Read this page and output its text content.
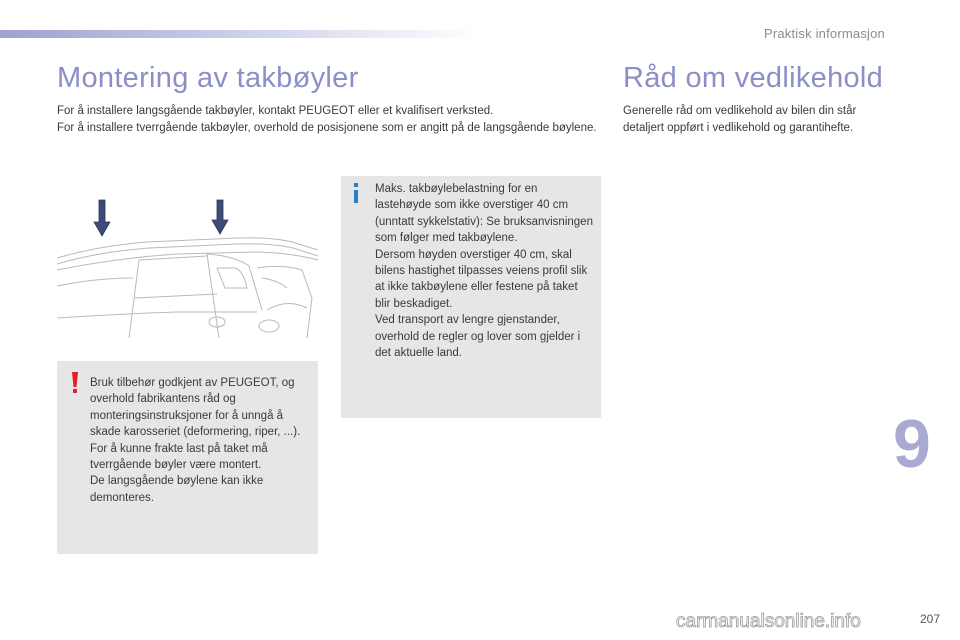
Praktisk informasjon
Montering av takbøyler

For å installere langsgående takbøyler, kontakt PEUGEOT eller et kvalifisert verksted.

For å installere tverrgående takbøyler, overhold de posisjonene som er angitt på de langsgående bøylene.

Råd om vedlikehold
Generelle råd om vedlikehold av bilen din står detaljert oppført i vedlikehold og garantihefte.
Maks. takbøylebelastning for en lastehøyde som ikke overstiger 40 cm (unntatt sykkelstativ): Se bruksanvisningen som følger med takbøylene.
Dersom høyden overstiger 40 cm, skal bilens hastighet tilpasses veiens profil slik at ikke takbøylene eller festene på taket blir beskadiget.
Ved transport av lengre gjenstander, overhold de regler og lover som gjelder i det aktuelle land.
Bruk tilbehør godkjent av PEUGEOT, og overhold fabrikantens råd og monteringsinstruksjoner for å unngå å skade karosseriet (deformering, riper, ...).
For å kunne frakte last på taket må tverrgående bøyler være montert.
De langsgående bøylene kan ikke demonteres.
9
carmanualsonline.info	207
